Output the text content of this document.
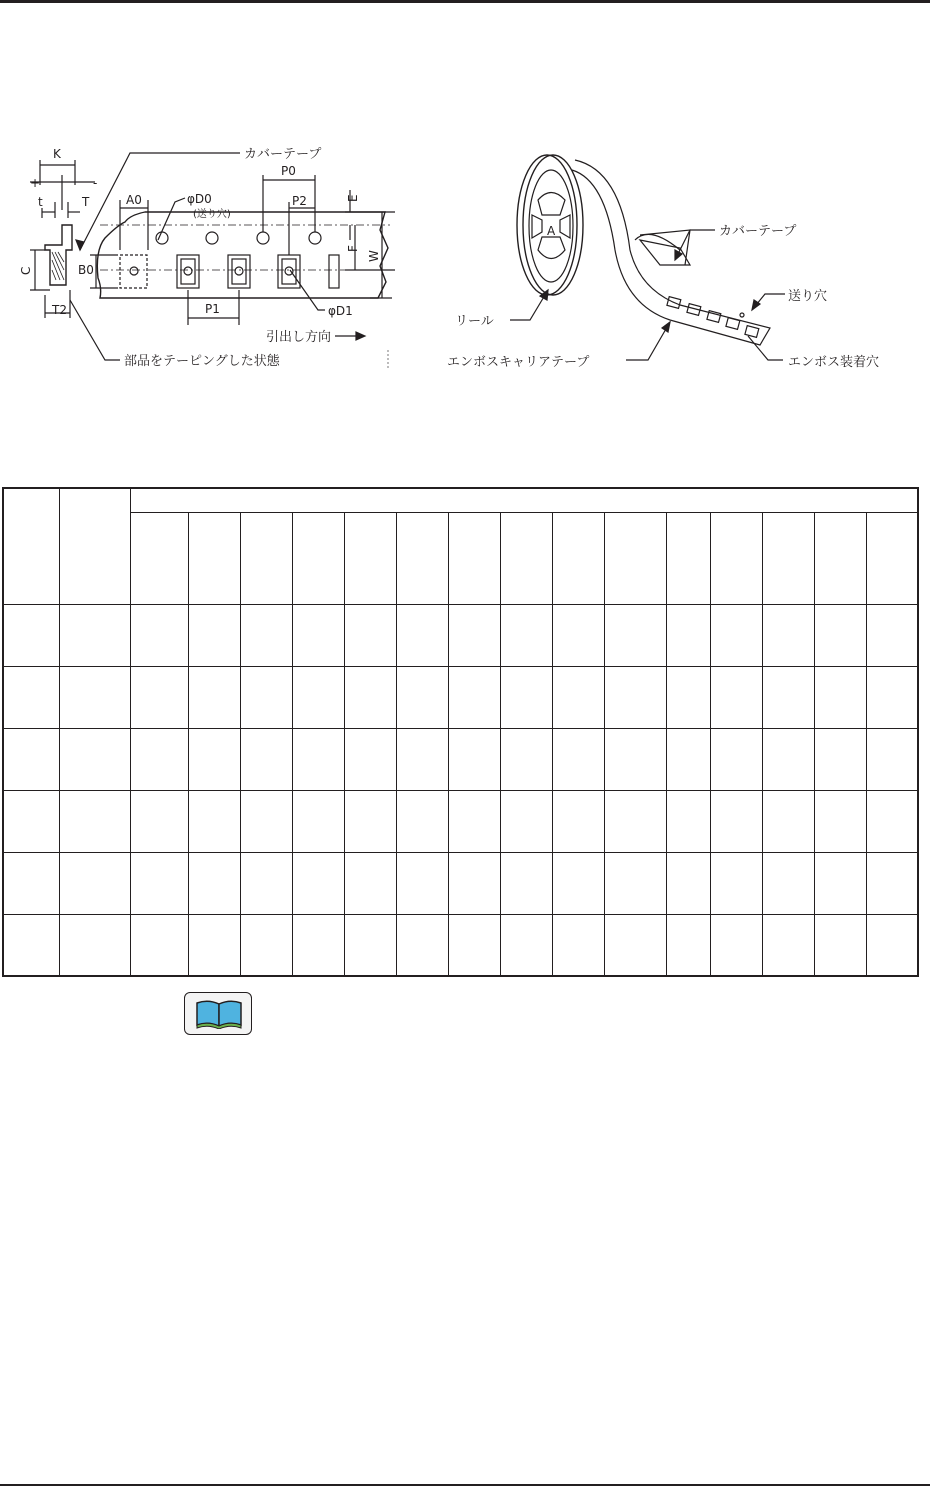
カバーテープ
K
+	-
t	T
C
T2
A0
B0
φD0
(送り穴)
P0
P2
P1	φD1
E
F
W
引出し方向
部品をテーピングした状態
A	カバーテープ
送り穴
リール
エンボスキャリアテープ	エンボス装着穴
